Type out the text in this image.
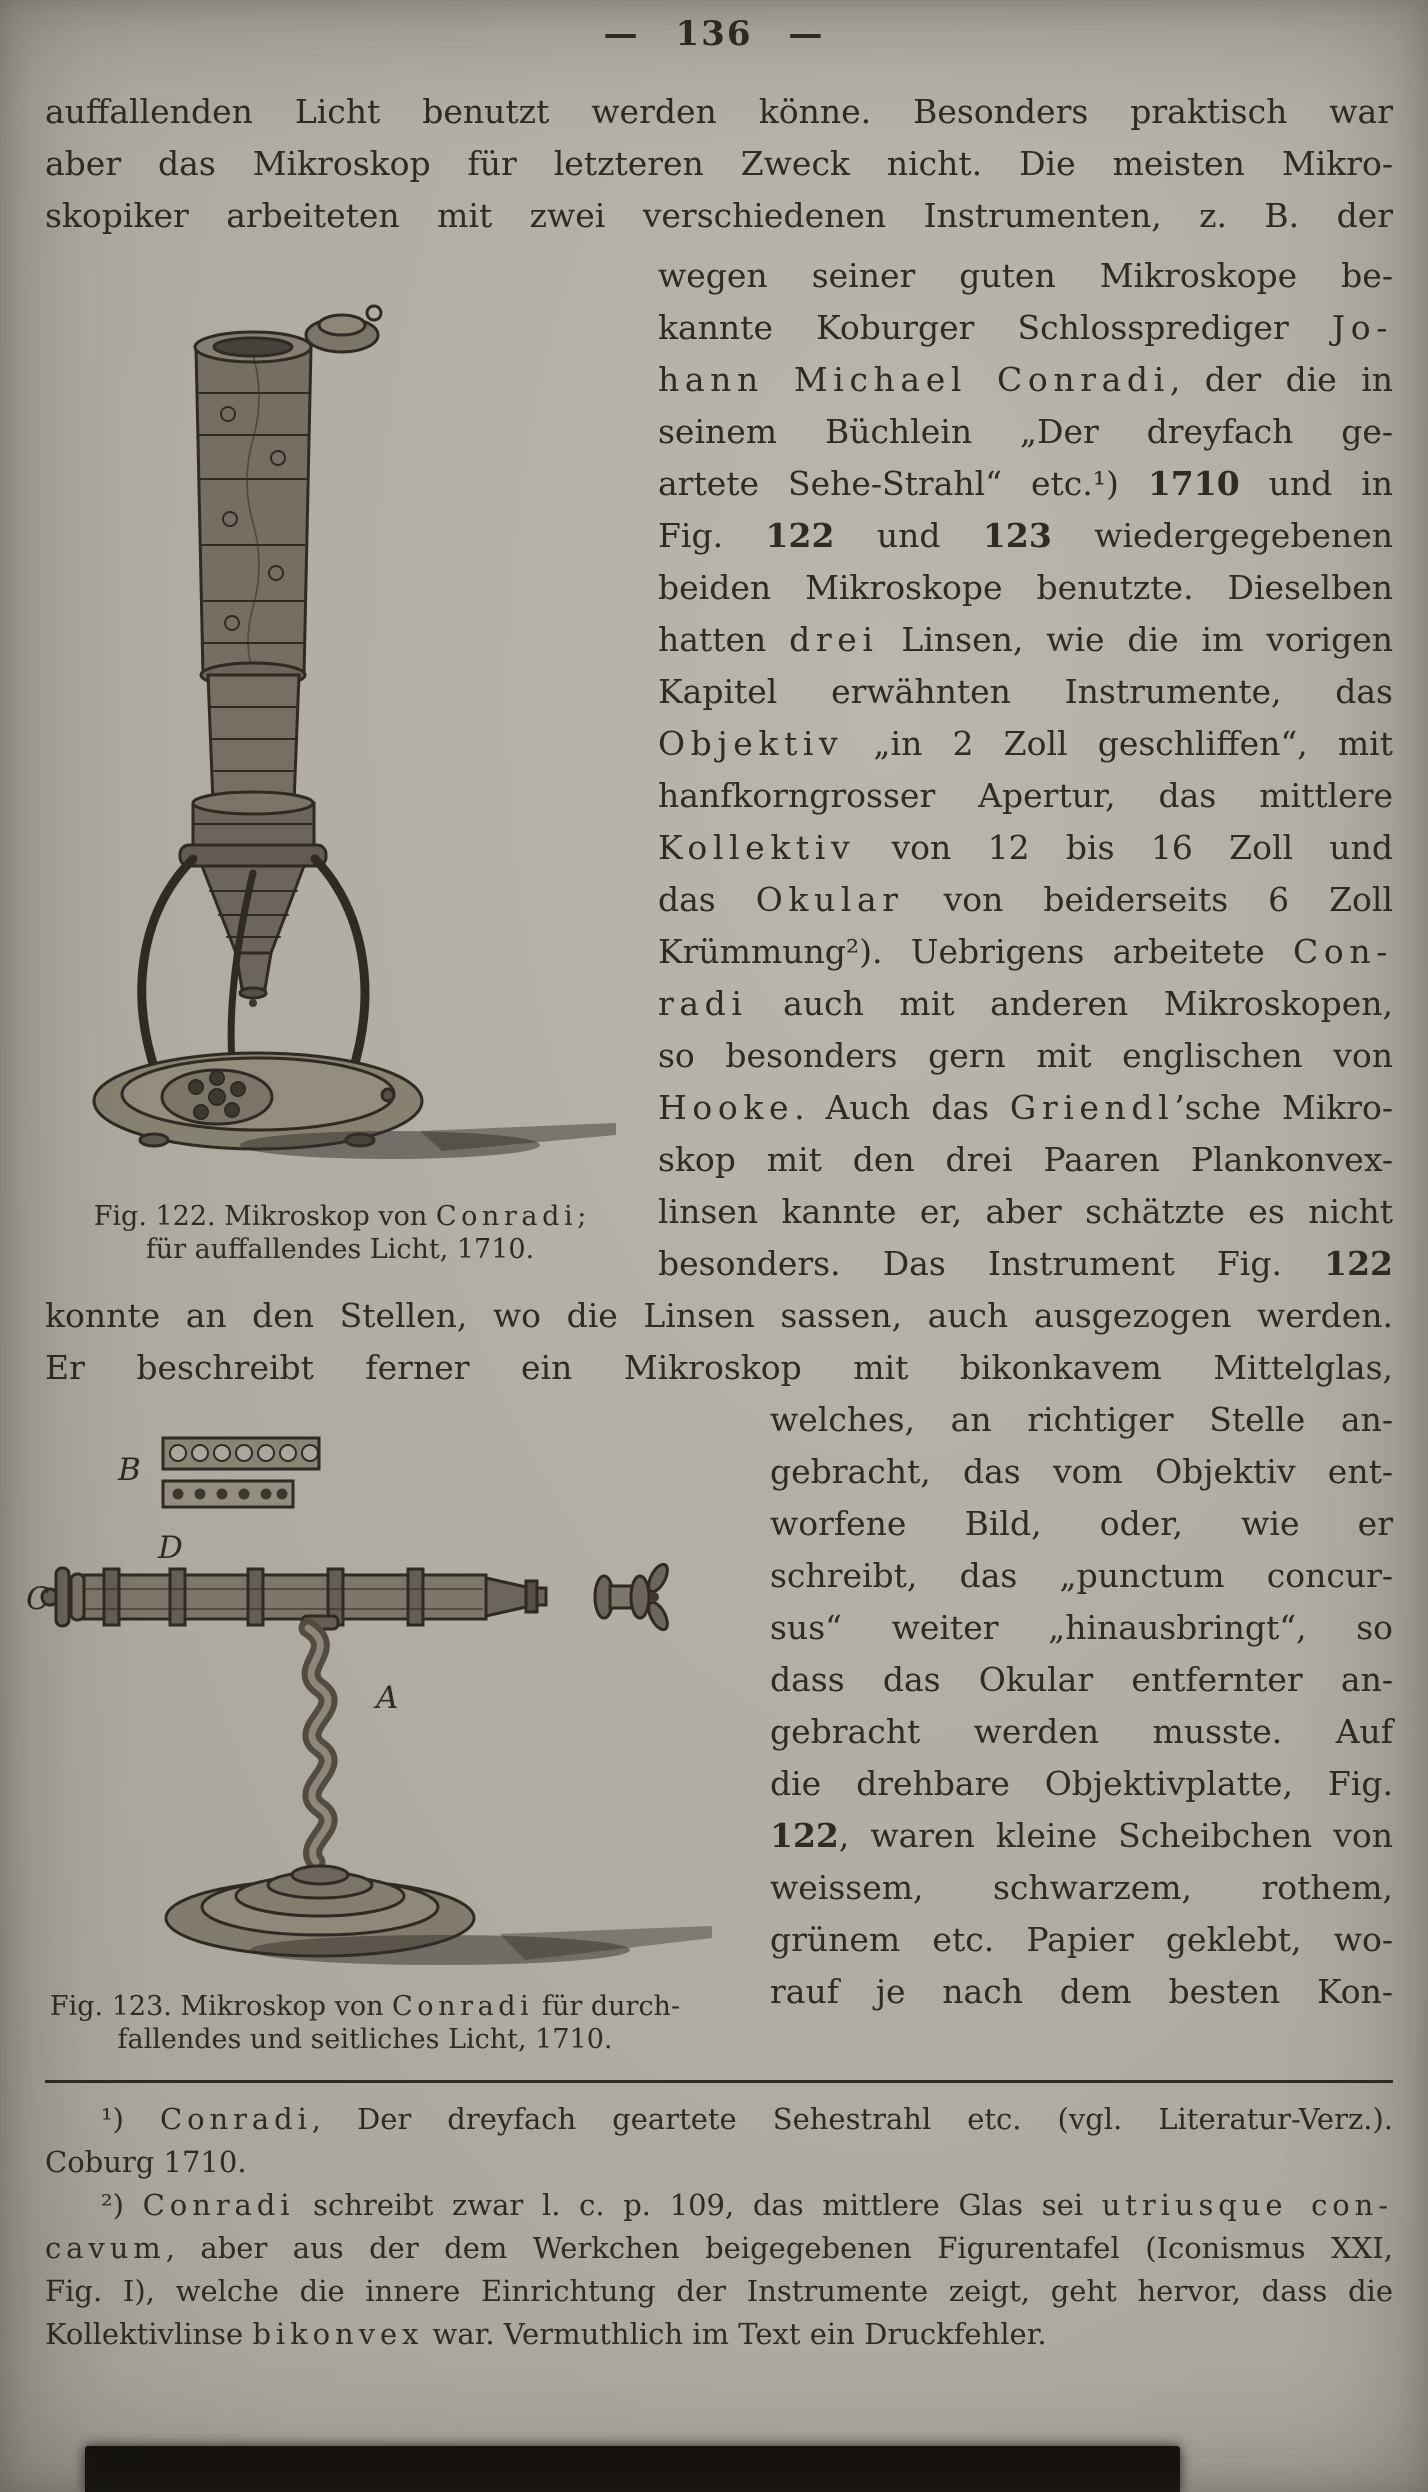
— 136 —
auffallenden Licht benutzt werden könne. Besonders praktisch war
aber das Mikroskop für letzteren Zweck nicht. Die meisten Mikro-
skopiker arbeiteten mit zwei verschiedenen Instrumenten, z. B. der
wegen seiner guten Mikroskope be-
kannte Koburger Schlossprediger Jo-
hann Michael Conradi, der die in
seinem Büchlein „Der dreyfach ge-
artete Sehe-Strahl“ etc.¹) 1710 und in
Fig. 122 und 123 wiedergegebenen
beiden Mikroskope benutzte. Dieselben
hatten drei Linsen, wie die im vorigen
Kapitel erwähnten Instrumente, das
Objektiv „in 2 Zoll geschliffen“, mit
hanfkorngrosser Apertur, das mittlere
Kollektiv von 12 bis 16 Zoll und
das Okular von beiderseits 6 Zoll
Krümmung²). Uebrigens arbeitete Con-
radi auch mit anderen Mikroskopen,
so besonders gern mit englischen von
Hooke. Auch das Griendl’sche Mikro-
skop mit den drei Paaren Plankonvex-
linsen kannte er, aber schätzte es nicht
besonders. Das Instrument Fig. 122
konnte an den Stellen, wo die Linsen sassen, auch ausgezogen werden.
Er beschreibt ferner ein Mikroskop mit bikonkavem Mittelglas,
Fig. 122. Mikroskop von Conradi;
für auffallendes Licht, 1710.
B
D
C
A
welches, an richtiger Stelle an-
gebracht, das vom Objektiv ent-
worfene Bild, oder, wie er
schreibt, das „punctum concur-
sus“ weiter „hinausbringt“, so
dass das Okular entfernter an-
gebracht werden musste. Auf
die drehbare Objektivplatte, Fig.
122, waren kleine Scheibchen von
weissem, schwarzem, rothem,
grünem etc. Papier geklebt, wo-
rauf je nach dem besten Kon-
Fig. 123. Mikroskop von Conradi für durch-
fallendes und seitliches Licht, 1710.
¹) Conradi, Der dreyfach geartete Sehestrahl etc. (vgl. Literatur-Verz.).
Coburg 1710.
²) Conradi schreibt zwar l. c. p. 109, das mittlere Glas sei utriusque con-
cavum, aber aus der dem Werkchen beigegebenen Figurentafel (Iconismus XXI,
Fig. I), welche die innere Einrichtung der Instrumente zeigt, geht hervor, dass die
Kollektivlinse bikonvex war. Vermuthlich im Text ein Druckfehler.
